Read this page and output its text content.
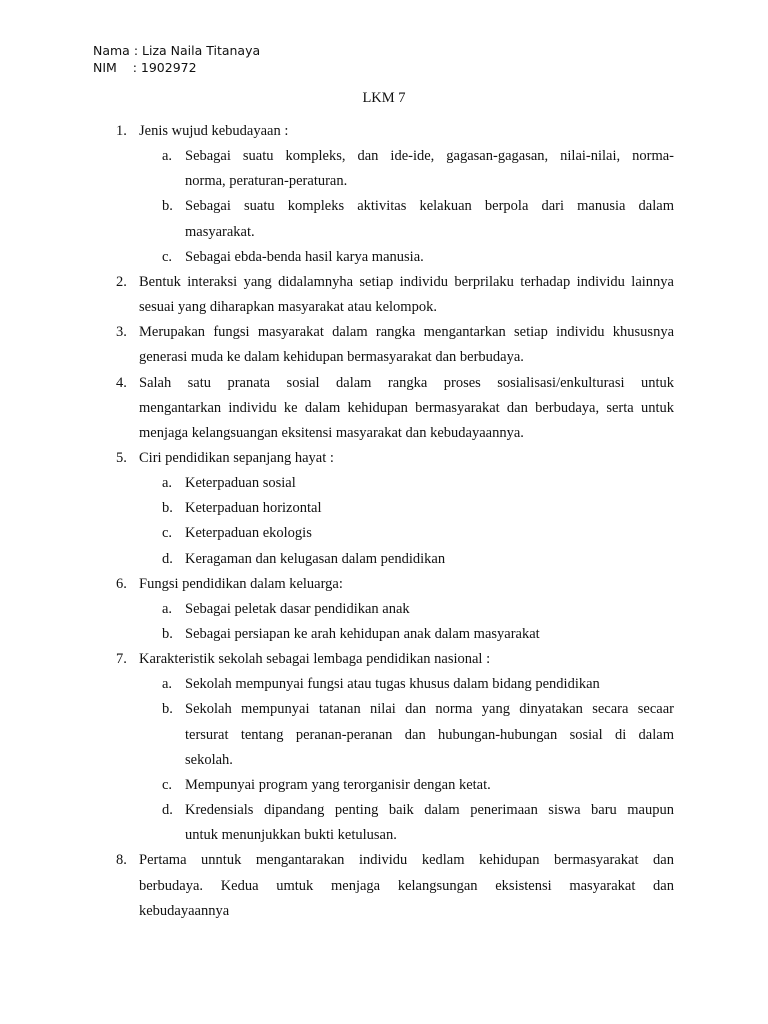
Nama : Liza Naila Titanaya
NIM    : 1902972
LKM 7
1. Jenis wujud kebudayaan :
a. Sebagai suatu kompleks, dan ide-ide, gagasan-gagasan, nilai-nilai, norma-
norma, peraturan-peraturan.
b. Sebagai suatu kompleks aktivitas kelakuan berpola dari manusia dalam
masyarakat.
c. Sebagai ebda-benda hasil karya manusia.
2. Bentuk interaksi yang didalamnyha setiap individu berprilaku terhadap individu lainnya
sesuai yang diharapkan masyarakat atau kelompok.
3. Merupakan fungsi masyarakat dalam rangka mengantarkan setiap individu khususnya
generasi muda ke dalam kehidupan bermasyarakat dan berbudaya.
4. Salah satu pranata sosial dalam rangka proses sosialisasi/enkulturasi untuk
mengantarkan individu ke dalam kehidupan bermasyarakat dan berbudaya, serta untuk
menjaga kelangsuangan eksitensi masyarakat dan kebudayaannya.
5. Ciri pendidikan sepanjang hayat :
a. Keterpaduan sosial
b. Keterpaduan horizontal
c. Keterpaduan ekologis
d. Keragaman dan kelugasan dalam pendidikan
6. Fungsi pendidikan dalam keluarga:
a. Sebagai peletak dasar pendidikan anak
b. Sebagai persiapan ke arah kehidupan anak dalam masyarakat
7. Karakteristik sekolah sebagai lembaga pendidikan nasional :
a. Sekolah mempunyai fungsi atau tugas khusus dalam bidang pendidikan
b. Sekolah mempunyai tatanan nilai dan norma yang dinyatakan secara secaar
tersurat tentang peranan-peranan dan hubungan-hubungan sosial di dalam
sekolah.
c. Mempunyai program yang terorganisir dengan ketat.
d. Kredensials dipandang penting baik dalam penerimaan siswa baru maupun
untuk menunjukkan bukti ketulusan.
8. Pertama unntuk mengantarakan individu kedlam kehidupan bermasyarakat dan
berbudaya. Kedua umtuk menjaga kelangsungan eksistensi masyarakat dan
kebudayaannya
